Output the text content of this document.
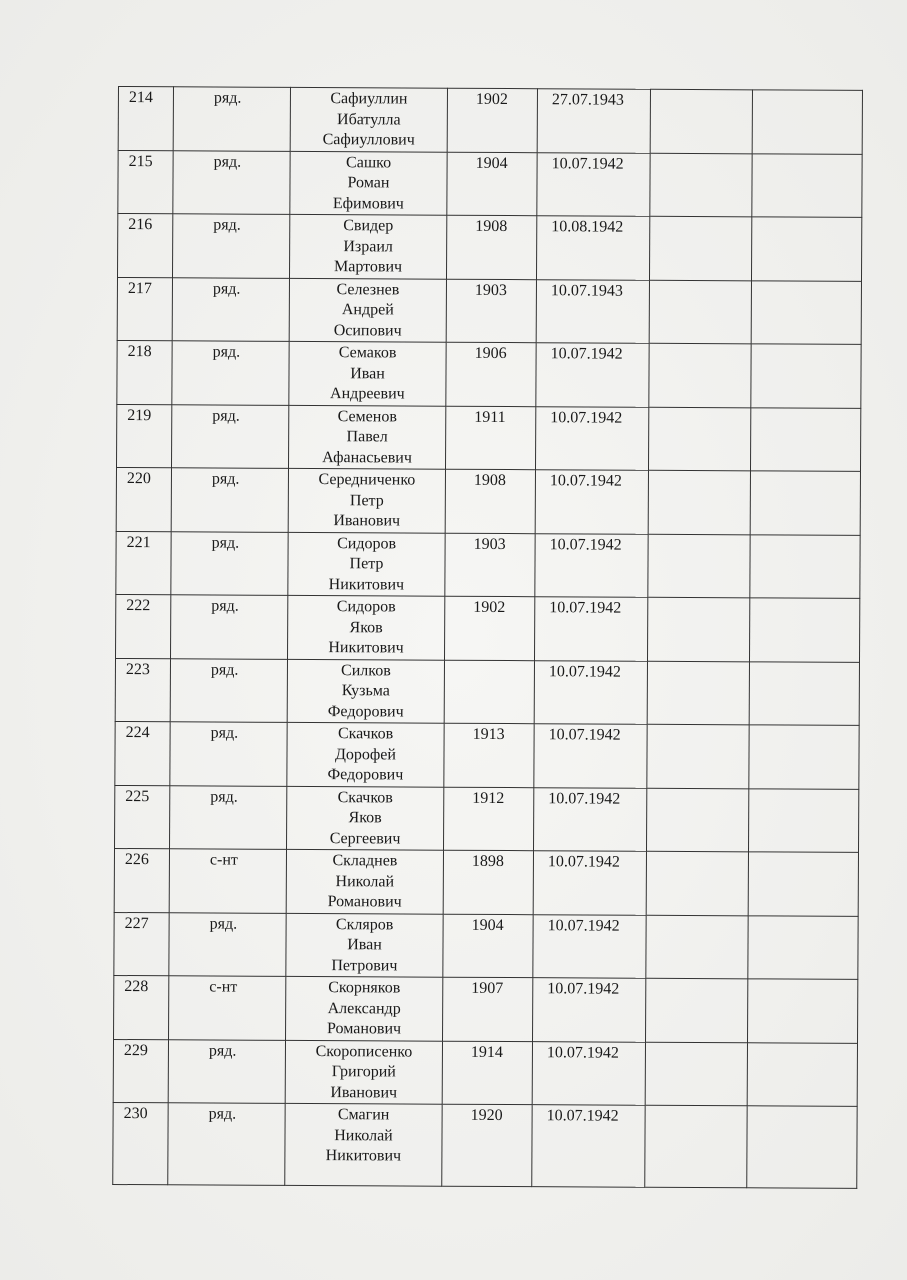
214	ряд.	Сафиуллин
Ибатулла
Сафиуллович	1902	27.07.1943		
215	ряд.	Сашко
Роман
Ефимович	1904	10.07.1942		
216	ряд.	Свидер
Израил
Мартович	1908	10.08.1942		
217	ряд.	Селезнев
Андрей
Осипович	1903	10.07.1943		
218	ряд.	Семаков
Иван
Андреевич	1906	10.07.1942		
219	ряд.	Семенов
Павел
Афанасьевич	1911	10.07.1942		
220	ряд.	Середниченко
Петр
Иванович	1908	10.07.1942		
221	ряд.	Сидоров
Петр
Никитович	1903	10.07.1942		
222	ряд.	Сидоров
Яков
Никитович	1902	10.07.1942		
223	ряд.	Силков
Кузьма
Федорович		10.07.1942		
224	ряд.	Скачков
Дорофей
Федорович	1913	10.07.1942		
225	ряд.	Скачков
Яков
Сергеевич	1912	10.07.1942		
226	с-нт	Складнев
Николай
Романович	1898	10.07.1942		
227	ряд.	Скляров
Иван
Петрович	1904	10.07.1942		
228	с-нт	Скорняков
Александр
Романович	1907	10.07.1942		
229	ряд.	Скорописенко
Григорий
Иванович	1914	10.07.1942		
230	ряд.	Смагин
Николай
Никитович	1920	10.07.1942		
